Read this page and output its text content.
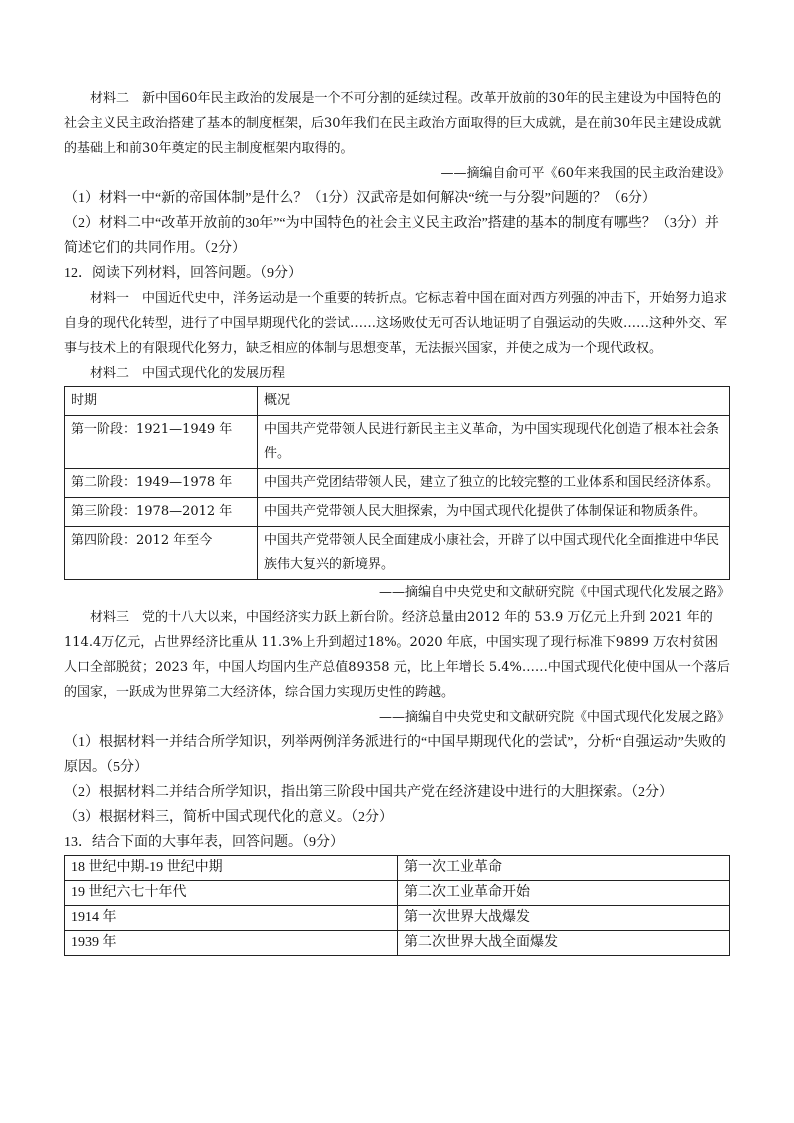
材料二　新中国60年民主政治的发展是一个不可分割的延续过程。改革开放前的30年的民主建设为中国特色的社会主义民主政治搭建了基本的制度框架，后30年我们在民主政治方面取得的巨大成就，是在前30年民主建设成就的基础上和前30年奠定的民主制度框架内取得的。

——摘编自俞可平《60年来我国的民主政治建设》

（1）材料一中“新的帝国体制”是什么？（1分）汉武帝是如何解决“统一与分裂”问题的？（6分）

（2）材料二中“改革开放前的30年”“为中国特色的社会主义民主政治”搭建的基本的制度有哪些？（3分）并简述它们的共同作用。（2分）

12．阅读下列材料，回答问题。（9分）

材料一　中国近代史中，洋务运动是一个重要的转折点。它标志着中国在面对西方列强的冲击下，开始努力追求自身的现代化转型，进行了中国早期现代化的尝试……这场败仗无可否认地证明了自强运动的失败……这种外交、军事与技术上的有限现代化努力，缺乏相应的体制与思想变革，无法振兴国家，并使之成为一个现代政权。

材料二　中国式现代化的发展历程

时期	概况
第一阶段：1921—1949 年	中国共产党带领人民进行新民主主义革命，为中国实现现代化创造了根本社会条件。
第二阶段：1949—1978 年	中国共产党团结带领人民，建立了独立的比较完整的工业体系和国民经济体系。
第三阶段：1978—2012 年	中国共产党带领人民大胆探索，为中国式现代化提供了体制保证和物质条件。
第四阶段：2012 年至今	中国共产党带领人民全面建成小康社会，开辟了以中国式现代化全面推进中华民族伟大复兴的新境界。

——摘编自中央党史和文献研究院《中国式现代化发展之路》

材料三　党的十八大以来，中国经济实力跃上新台阶。经济总量由2012 年的 53.9 万亿元上升到 2021 年的 114.4万亿元，占世界经济比重从 11.3%上升到超过18%。2020 年底，中国实现了现行标准下9899 万农村贫困人口全部脱贫；2023 年，中国人均国内生产总值89358 元，比上年增长 5.4%……中国式现代化使中国从一个落后的国家，一跃成为世界第二大经济体，综合国力实现历史性的跨越。

——摘编自中央党史和文献研究院《中国式现代化发展之路》

（1）根据材料一并结合所学知识，列举两例洋务派进行的“中国早期现代化的尝试”，分析“自强运动”失败的原因。（5分）

（2）根据材料二并结合所学知识，指出第三阶段中国共产党在经济建设中进行的大胆探索。（2分）

（3）根据材料三，简析中国式现代化的意义。（2分）

13．结合下面的大事年表，回答问题。（9分）

18 世纪中期-19 世纪中期	第一次工业革命
19 世纪六七十年代	第二次工业革命开始
1914 年	第一次世界大战爆发
1939 年	第二次世界大战全面爆发
